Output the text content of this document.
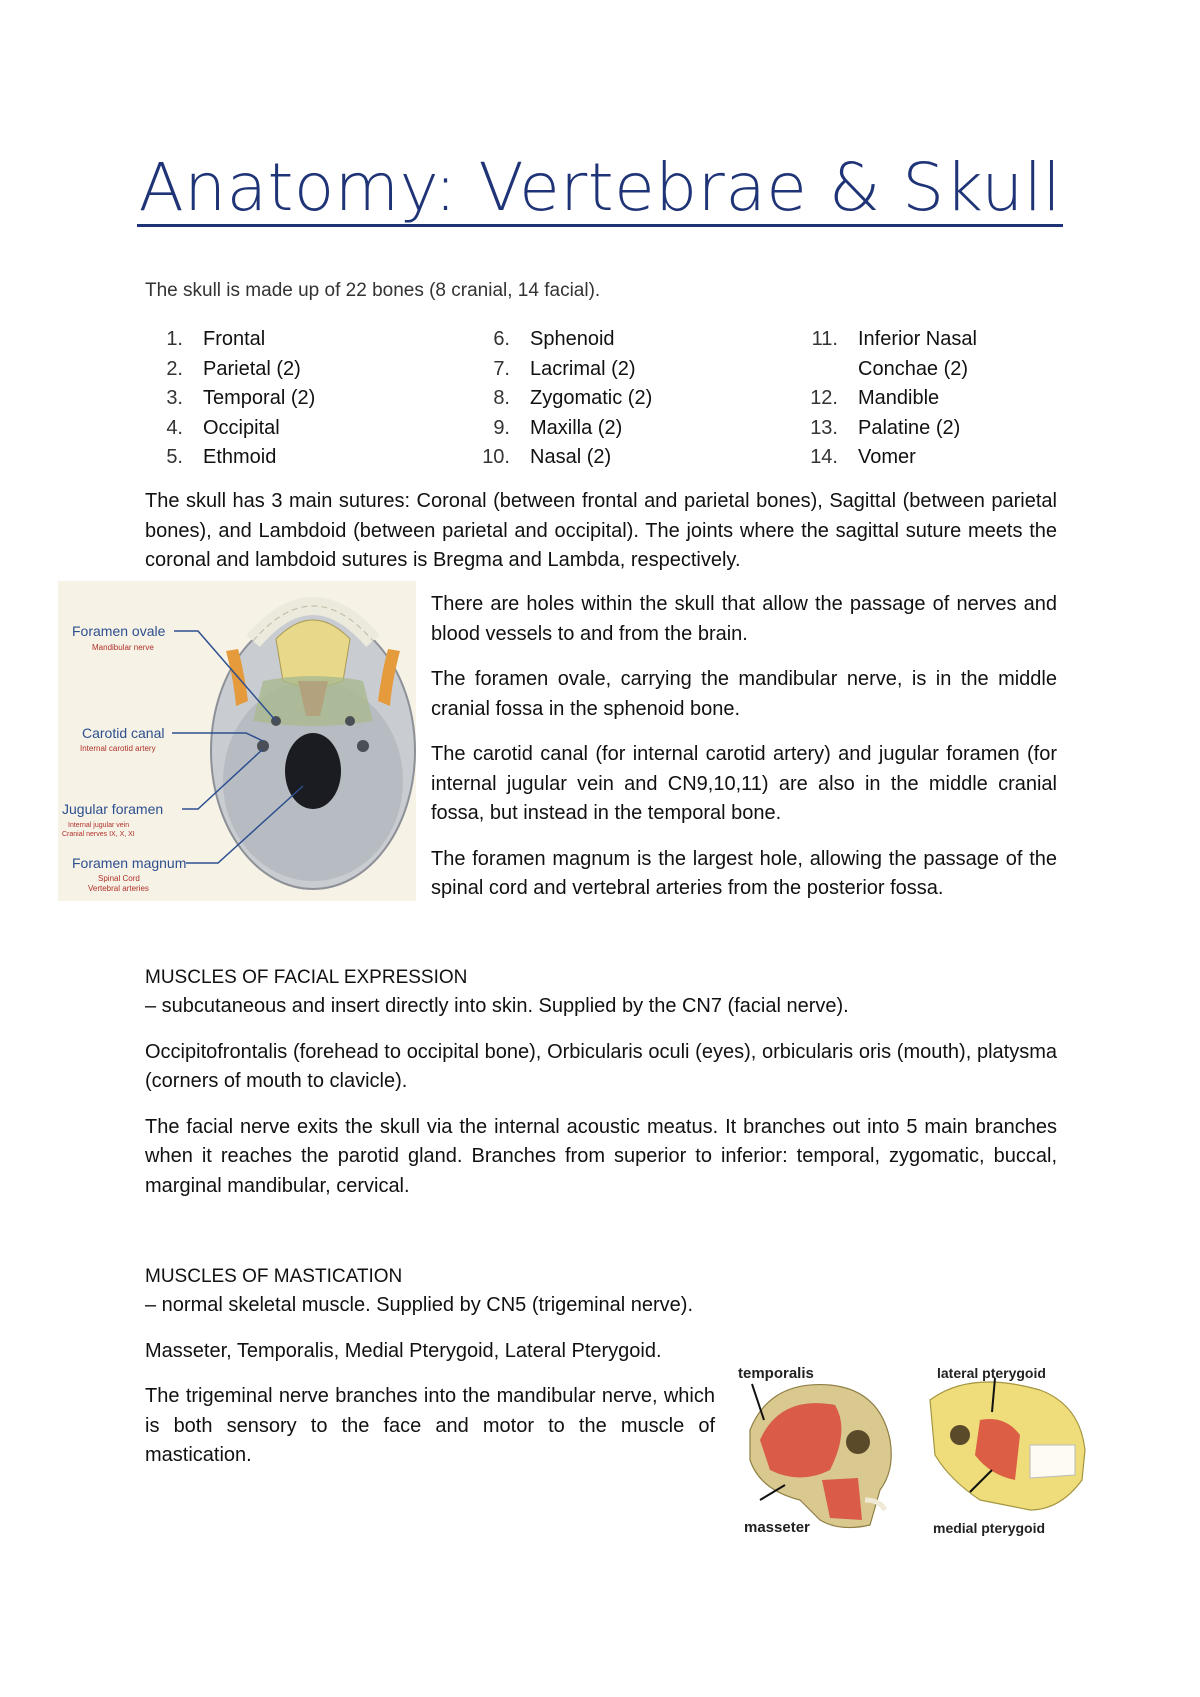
Anatomy: Vertebrae & Skull
The skull is made up of 22 bones (8 cranial, 14 facial).
1. Frontal
2. Parietal (2)
3. Temporal (2)
4. Occipital
5. Ethmoid
6. Sphenoid
7. Lacrimal (2)
8. Zygomatic (2)
9. Maxilla (2)
10. Nasal (2)
11. Inferior Nasal
Conchae (2)
12. Mandible
13. Palatine (2)
14. Vomer
The skull has 3 main sutures: Coronal (between frontal and parietal bones), Sagittal (between parietal bones), and Lambdoid (between parietal and occipital). The joints where the sagittal suture meets the coronal and lambdoid sutures is Bregma and Lambda, respectively.
Foramen ovale
Mandibular nerve
Carotid canal
Internal carotid artery
Jugular foramen
Internal jugular vein
Cranial nerves IX, X, XI
Foramen magnum
Spinal Cord
Vertebral arteries

There are holes within the skull that allow the passage of nerves and blood vessels to and from the brain.

The foramen ovale, carrying the mandibular nerve, is in the middle cranial fossa in the sphenoid bone.

The carotid canal (for internal carotid artery) and jugular foramen (for internal jugular vein and CN9,10,11) are also in the middle cranial fossa, but instead in the temporal bone.

The foramen magnum is the largest hole, allowing the passage of the spinal cord and vertebral arteries from the posterior fossa.

MUSCLES OF FACIAL EXPRESSION
– subcutaneous and insert directly into skin. Supplied by the CN7 (facial nerve).

Occipitofrontalis (forehead to occipital bone), Orbicularis oculi (eyes), orbicularis oris (mouth), platysma (corners of mouth to clavicle).

The facial nerve exits the skull via the internal acoustic meatus. It branches out into 5 main branches when it reaches the parotid gland. Branches from superior to inferior: temporal, zygomatic, buccal, marginal mandibular, cervical.

MUSCLES OF MASTICATION
– normal skeletal muscle. Supplied by CN5 (trigeminal nerve).

Masseter, Temporalis, Medial Pterygoid, Lateral Pterygoid.

The trigeminal nerve branches into the mandibular nerve, which is both sensory to the face and motor to the muscle of mastication.

temporalis
masseter
lateral pterygoid
medial pterygoid
